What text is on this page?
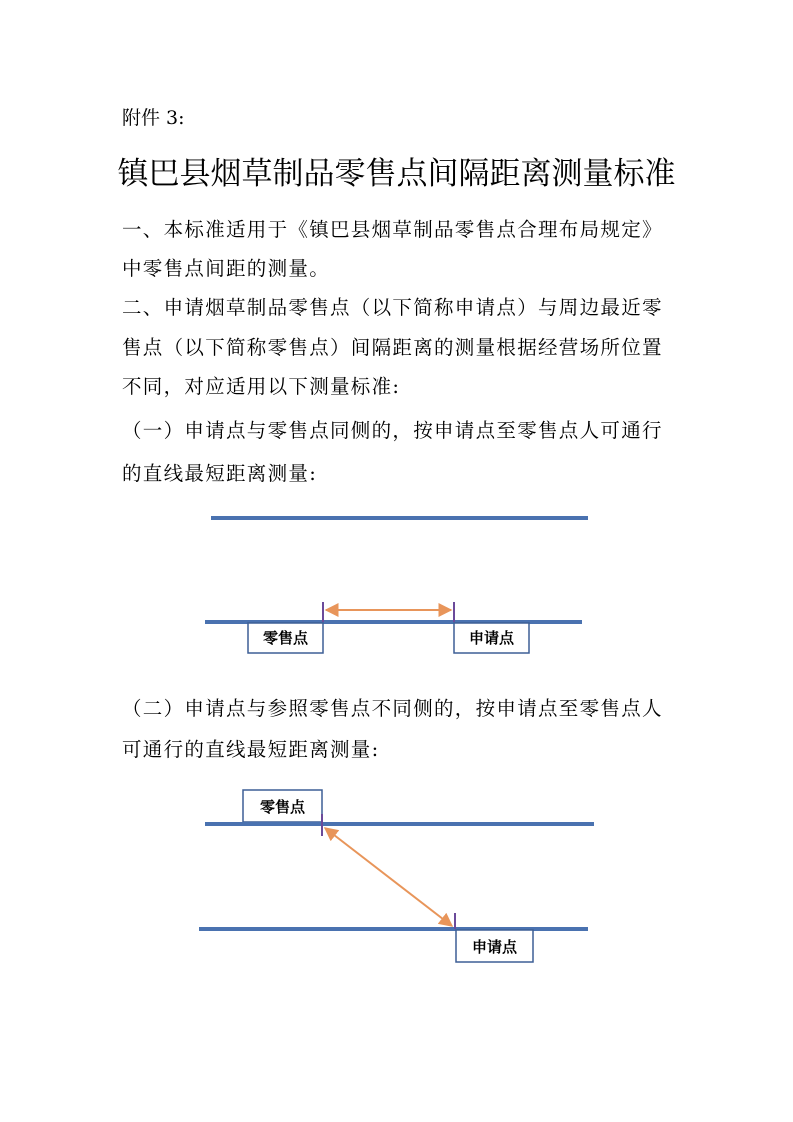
附件 3:

镇巴县烟草制品零售点间隔距离测量标准

一、本标准适用于《镇巴县烟草制品零售点合理布局规定》

中零售点间距的测量。

二、申请烟草制品零售点（以下简称申请点）与周边最近零

售点（以下简称零售点）间隔距离的测量根据经营场所位置

不同，对应适用以下测量标准:

（一）申请点与零售点同侧的，按申请点至零售点人可通行

的直线最短距离测量:

零售点	申请点

（二）申请点与参照零售点不同侧的，按申请点至零售点人

可通行的直线最短距离测量:

零售点
申请点
